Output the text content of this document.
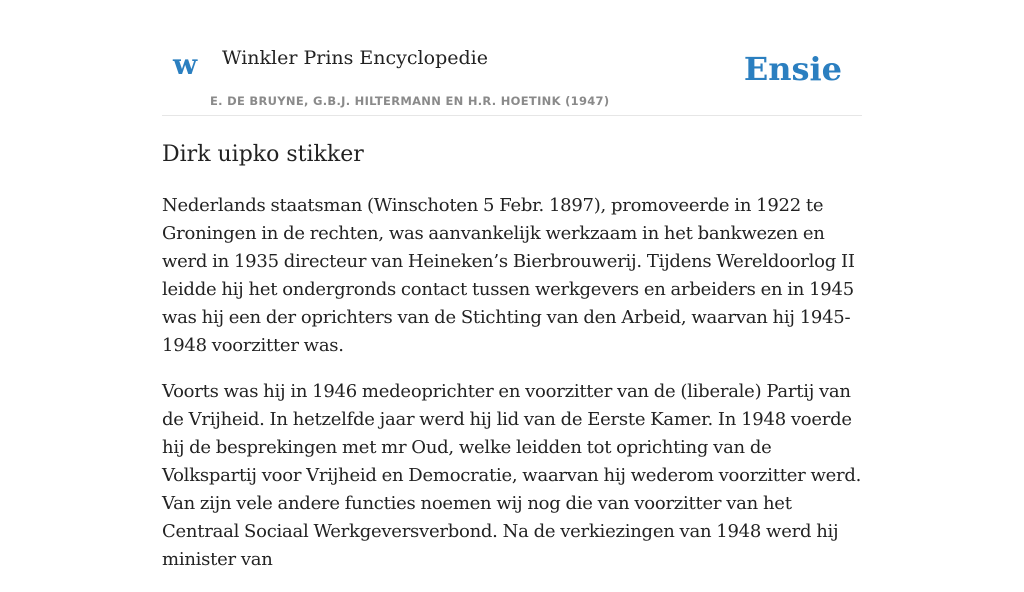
w Winkler Prins Encyclopedie
E. DE BRUYNE, G.B.J. HILTERMANN EN H.R. HOETINK (1947)
Ensie
Dirk uipko stikker

Nederlands staatsman (Winschoten 5 Febr. 1897), promoveerde in 1922 te Groningen in de rechten, was aanvankelijk werkzaam in het bankwezen en werd in 1935 directeur van Heineken’s Bierbrouwerij. Tijdens Wereldoorlog II leidde hij het ondergronds contact tussen werkgevers en arbeiders en in 1945 was hij een der oprichters van de Stichting van den Arbeid, waarvan hij 1945-1948 voorzitter was.

Voorts was hij in 1946 medeoprichter en voorzitter van de (liberale) Partij van de Vrijheid. In hetzelfde jaar werd hij lid van de Eerste Kamer. In 1948 voerde hij de besprekingen met mr Oud, welke leidden tot oprichting van de Volkspartij voor Vrijheid en Democratie, waarvan hij wederom voorzitter werd. Van zijn vele andere functies noemen wij nog die van voorzitter van het Centraal Sociaal Werkgeversverbond. Na de verkiezingen van 1948 werd hij minister van
